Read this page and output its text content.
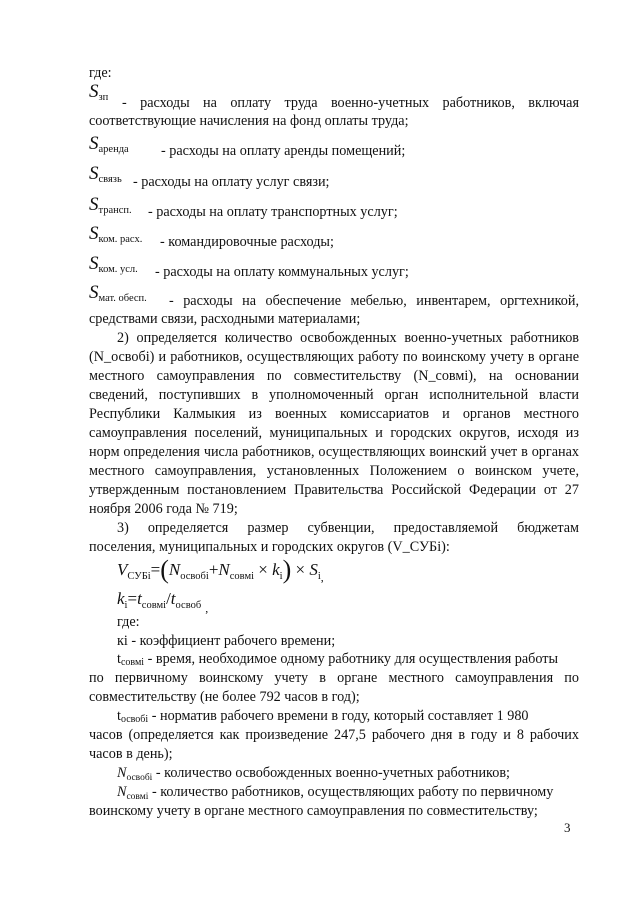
где:
Sзп - расходы на оплату труда военно-учетных работников, включая
соответствующие начисления на фонд оплаты труда;
Sаренда - расходы на оплату аренды помещений;
Sсвязь - расходы на оплату услуг связи;
Sтрансп. - расходы на оплату транспортных услуг;
Sком. расх. - командировочные расходы;
Sком. усл. - расходы на оплату коммунальных услуг;
Sмат. обесп. - расходы на обеспечение мебелью, инвентарем, оргтехникой,
средствами связи, расходными материалами;
2) определяется количество освобожденных военно-учетных работников
(N_освобi) и работников, осуществляющих работу по воинскому учету в органе
местного самоуправления по совместительству (N_совмi), на основании
сведений, поступивших в уполномоченный орган исполнительной власти
Республики Калмыкия из военных комиссариатов и органов местного
самоуправления поселений, муниципальных и городских округов, исходя из
норм определения числа работников, осуществляющих воинский учет в органах
местного самоуправления, установленных Положением о воинском учете,
утвержденным постановлением Правительства Российской Федерации от 27
ноября 2006 года № 719;
3) определяется размер субвенции, предоставляемой бюджетам
поселения, муниципальных и городских округов (V_СУБi):
$V_{СУБi}=(N_{освобi}+N_{совмi} \times k_i) \times S_{i,}$
$k_i=t_{совмi}/t_{освоб}$ $_,$
где:
кi - коэффициент рабочего времени;
tсовмi - время, необходимое одному работнику для осуществления работы
по первичному воинскому учету в органе местного самоуправления по
совместительству (не более 792 часов в год);
tосвобi - норматив рабочего времени в году, который составляет 1 980
часов (определяется как произведение 247,5 рабочего дня в году и 8 рабочих
часов в день);
$N_{освобi}$ - количество освобожденных военно-учетных работников;
$N_{совмi}$ - количество работников, осуществляющих работу по первичному
воинскому учету в органе местного самоуправления по совместительству;
3
